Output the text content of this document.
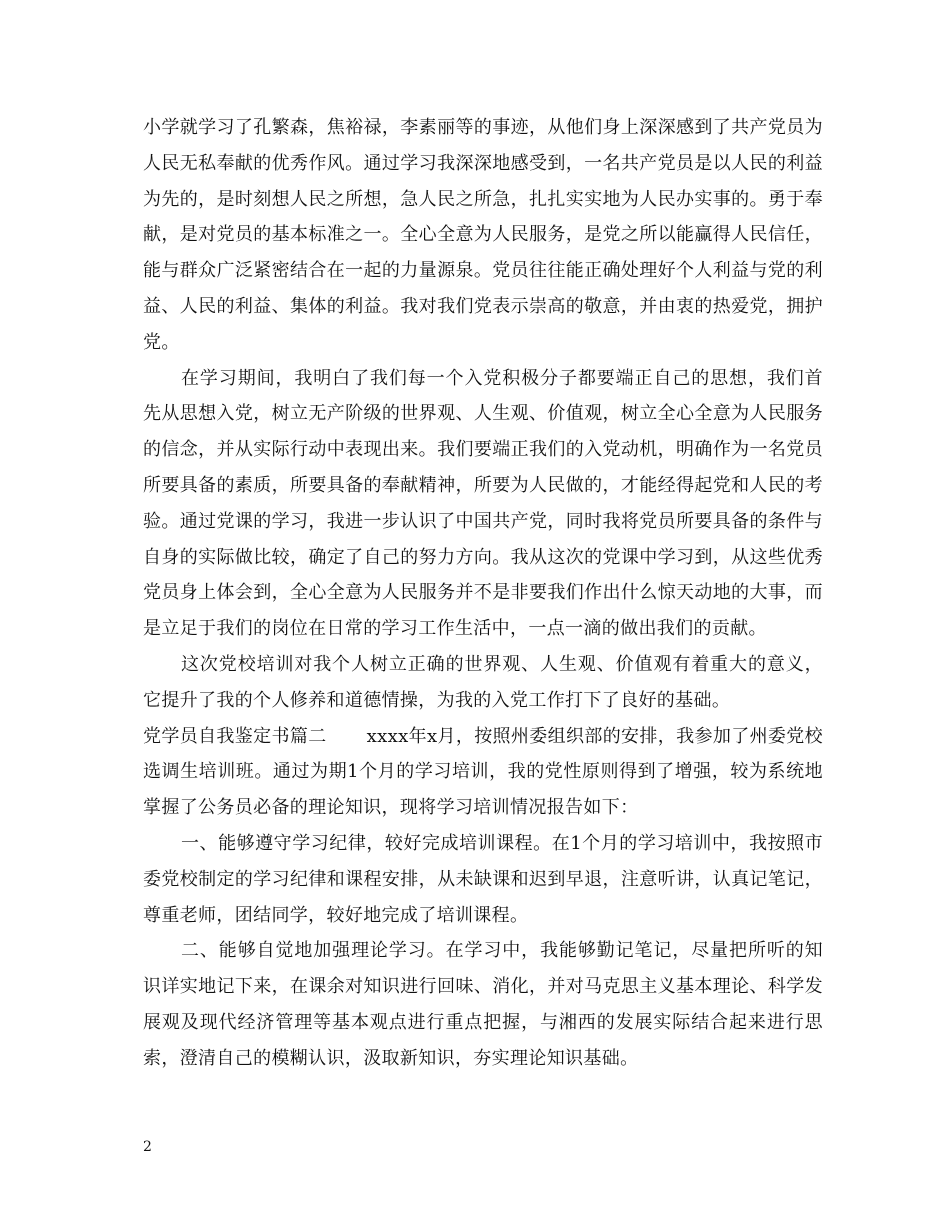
小学就学习了孔繁森，焦裕禄，李素丽等的事迹，从他们身上深深感到了共产党员为人民无私奉献的优秀作风。通过学习我深深地感受到，一名共产党员是以人民的利益为先的，是时刻想人民之所想，急人民之所急，扎扎实实地为人民办实事的。勇于奉献，是对党员的基本标准之一。全心全意为人民服务，是党之所以能赢得人民信任，能与群众广泛紧密结合在一起的力量源泉。党员往往能正确处理好个人利益与党的利益、人民的利益、集体的利益。我对我们党表示崇高的敬意，并由衷的热爱党，拥护党。

在学习期间，我明白了我们每一个入党积极分子都要端正自己的思想，我们首先从思想入党，树立无产阶级的世界观、人生观、价值观，树立全心全意为人民服务的信念，并从实际行动中表现出来。我们要端正我们的入党动机，明确作为一名党员所要具备的素质，所要具备的奉献精神，所要为人民做的，才能经得起党和人民的考验。通过党课的学习，我进一步认识了中国共产党，同时我将党员所要具备的条件与自身的实际做比较，确定了自己的努力方向。我从这次的党课中学习到，从这些优秀党员身上体会到，全心全意为人民服务并不是非要我们作出什么惊天动地的大事，而是立足于我们的岗位在日常的学习工作生活中，一点一滴的做出我们的贡献。

这次党校培训对我个人树立正确的世界观、人生观、价值观有着重大的意义，它提升了我的个人修养和道德情操，为我的入党工作打下了良好的基础。

党学员自我鉴定书篇二 xxxx年x月，按照州委组织部的安排，我参加了州委党校选调生培训班。通过为期1个月的学习培训，我的党性原则得到了增强，较为系统地掌握了公务员必备的理论知识，现将学习培训情况报告如下：

一、能够遵守学习纪律，较好完成培训课程。在1个月的学习培训中，我按照市委党校制定的学习纪律和课程安排，从未缺课和迟到早退，注意听讲，认真记笔记，尊重老师，团结同学，较好地完成了培训课程。

二、能够自觉地加强理论学习。在学习中，我能够勤记笔记，尽量把所听的知识详实地记下来，在课余对知识进行回味、消化，并对马克思主义基本理论、科学发展观及现代经济管理等基本观点进行重点把握，与湘西的发展实际结合起来进行思索，澄清自己的模糊认识，汲取新知识，夯实理论知识基础。

2
